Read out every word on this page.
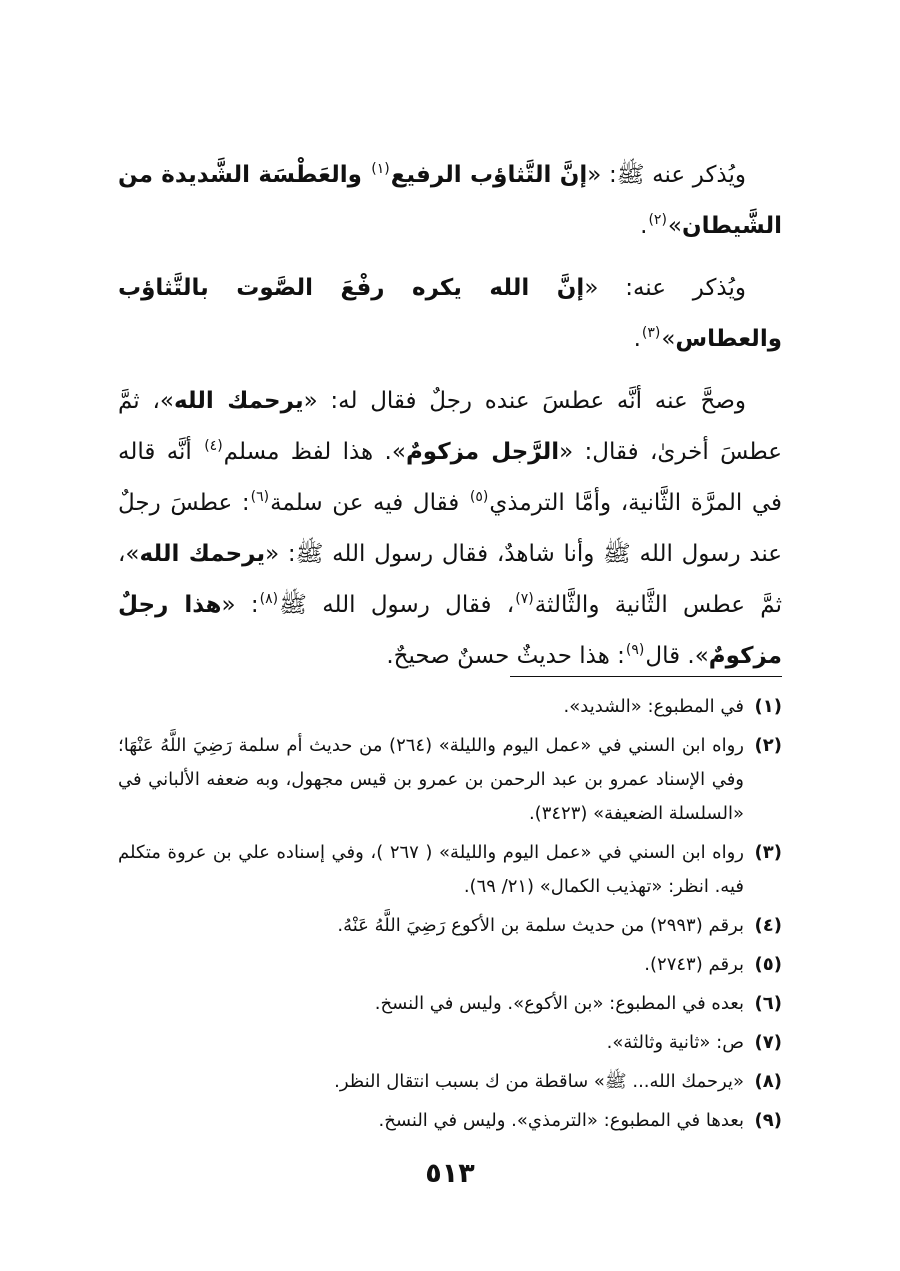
ويُذكر عنه ﷺ: «إنَّ التَّثاؤب الرفيع$^{(١)}$ والعَطْسَة الشَّديدة من الشَّيطان»$^{(٢)}$.

ويُذكر عنه: «إنَّ الله يكره رفْعَ الصَّوت بالتَّثاؤب والعطاس»$^{(٣)}$.

وصحَّ عنه أنَّه عطسَ عنده رجلٌ فقال له: «يرحمك الله»، ثمَّ عطسَ أخرىٰ، فقال: «الرَّجل مزكومٌ». هذا لفظ مسلم$^{(٤)}$ أنَّه قاله في المرَّة الثَّانية، وأمَّا الترمذي$^{(٥)}$ فقال فيه عن سلمة$^{(٦)}$: عطسَ رجلٌ عند رسول الله ﷺ وأنا شاهدٌ، فقال رسول الله ﷺ: «يرحمك الله»، ثمَّ عطس الثَّانية والثَّالثة$^{(٧)}$، فقال رسول الله ﷺ$^{(٨)}$: «هذا رجلٌ مزكومٌ». قال$^{(٩)}$: هذا حديثٌ حسنٌ صحيحٌ.

(١)
في المطبوع: «الشديد».
(٢)
رواه ابن السني في «عمل اليوم والليلة» (٢٦٤) من حديث أم سلمة رَضِيَ اللَّهُ عَنْهَا؛ وفي الإسناد عمرو بن عبد الرحمن بن عمرو بن قيس مجهول، وبه ضعفه الألباني في «السلسلة الضعيفة» (٣٤٢٣).
(٣)
رواه ابن السني في «عمل اليوم والليلة» ( ٢٦٧ )، وفي إسناده علي بن عروة متكلم فيه. انظر: «تهذيب الكمال» (٢١/ ٦٩).
(٤)
برقم (٢٩٩٣) من حديث سلمة بن الأكوع رَضِيَ اللَّهُ عَنْهُ.
(٥)
برقم (٢٧٤٣).
(٦)
بعده في المطبوع: «بن الأكوع». وليس في النسخ.
(٧)
ص: «ثانية وثالثة».
(٨)
«يرحمك الله... ﷺ» ساقطة من ك بسبب انتقال النظر.
(٩)
بعدها في المطبوع: «الترمذي». وليس في النسخ.
٥١٣
